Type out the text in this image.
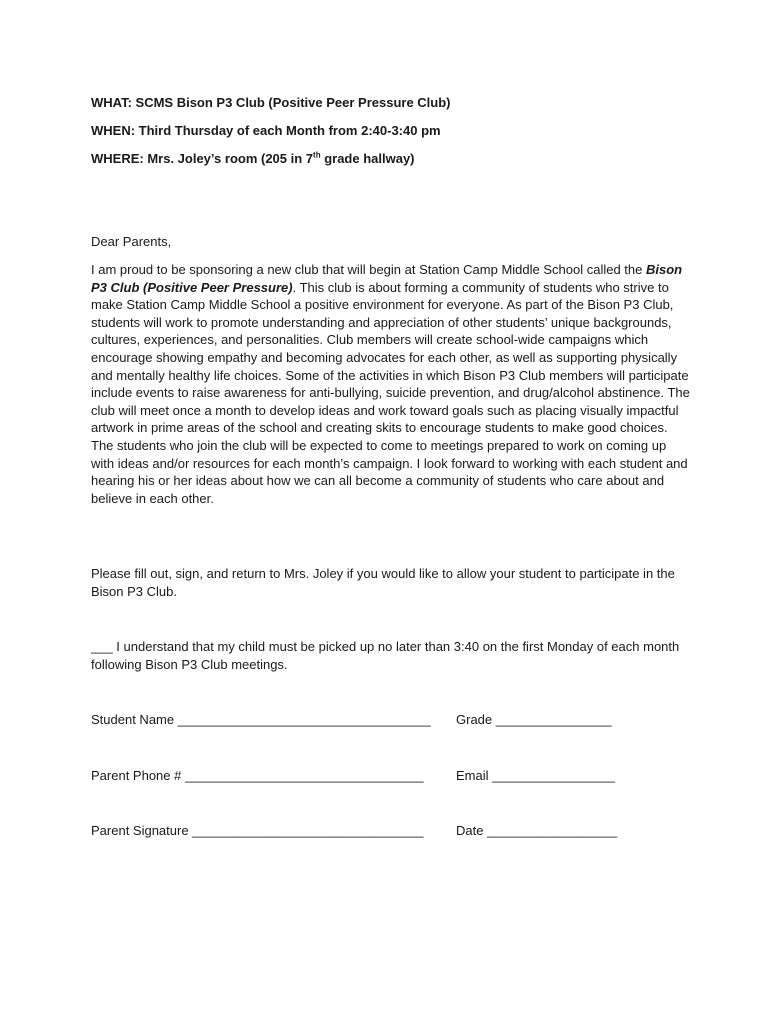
WHAT: SCMS Bison P3 Club (Positive Peer Pressure Club)
WHEN: Third Thursday of each Month from 2:40-3:40 pm
WHERE: Mrs. Joley’s room (205 in 7th grade hallway)
Dear Parents,
I am proud to be sponsoring a new club that will begin at Station Camp Middle School called the Bison P3 Club (Positive Peer Pressure). This club is about forming a community of students who strive to make Station Camp Middle School a positive environment for everyone. As part of the Bison P3 Club, students will work to promote understanding and appreciation of other students’ unique backgrounds, cultures, experiences, and personalities. Club members will create school-wide campaigns which encourage showing empathy and becoming advocates for each other, as well as supporting physically and mentally healthy life choices. Some of the activities in which Bison P3 Club members will participate include events to raise awareness for anti-bullying, suicide prevention, and drug/alcohol abstinence. The club will meet once a month to develop ideas and work toward goals such as placing visually impactful artwork in prime areas of the school and creating skits to encourage students to make good choices. The students who join the club will be expected to come to meetings prepared to work on coming up with ideas and/or resources for each month’s campaign. I look forward to working with each student and hearing his or her ideas about how we can all become a community of students who care about and believe in each other.
Please fill out, sign, and return to Mrs. Joley if you would like to allow your student to participate in the Bison P3 Club.
___ I understand that my child must be picked up no later than 3:40 on the first Monday of each month following Bison P3 Club meetings.
Student Name ___________________________________ Grade ________________
Parent Phone # _________________________________ Email _________________
Parent Signature ________________________________ Date __________________
